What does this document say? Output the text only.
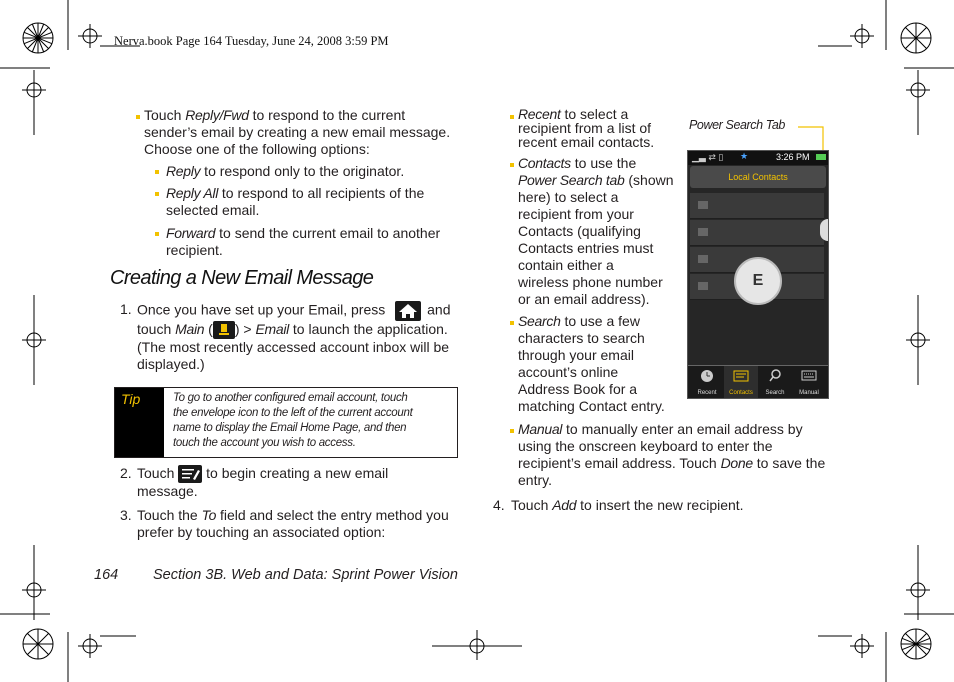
Nerva.book Page 164 Tuesday, June 24, 2008 3:59 PM
Touch Reply/Fwd to respond to the current
sender’s email by creating a new email message.
Choose one of the following options:
Reply to respond only to the originator.
Reply All to respond to all recipients of the
selected email.
Forward to send the current email to another
recipient.
Creating a New Email Message
1. Once you have set up your Email, press	and
touch Main ( ) > Email to launch the application.
(The most recently accessed account inbox will be
displayed.)
Tip	To go to another configured email account, touch
the envelope icon to the left of the current account
name to display the Email Home Page, and then
touch the account you wish to access.
2. Touch  to begin creating a new email
message.
3. Touch the To field and select the entry method you
prefer by touching an associated option:
Recent to select a
recipient from a list of
recent email contacts.
Contacts to use the
Power Search tab (shown
here) to select a
recipient from your
Contacts (qualifying
Contacts entries must
contain either a
wireless phone number
or an email address).
Search to use a few
characters to search
through your email
account’s online
Address Book for a
matching Contact entry.
Manual to manually enter an email address by
using the onscreen keyboard to enter the
recipient’s email address. Touch Done to save the
entry.
4. Touch Add to insert the new recipient.
Power Search Tab
▁▃ ⇄ ▯ ★	3:26 PM
Local Contacts
E
Recent	Contacts	Search	Manual
164 Section 3B. Web and Data: Sprint Power Vision
